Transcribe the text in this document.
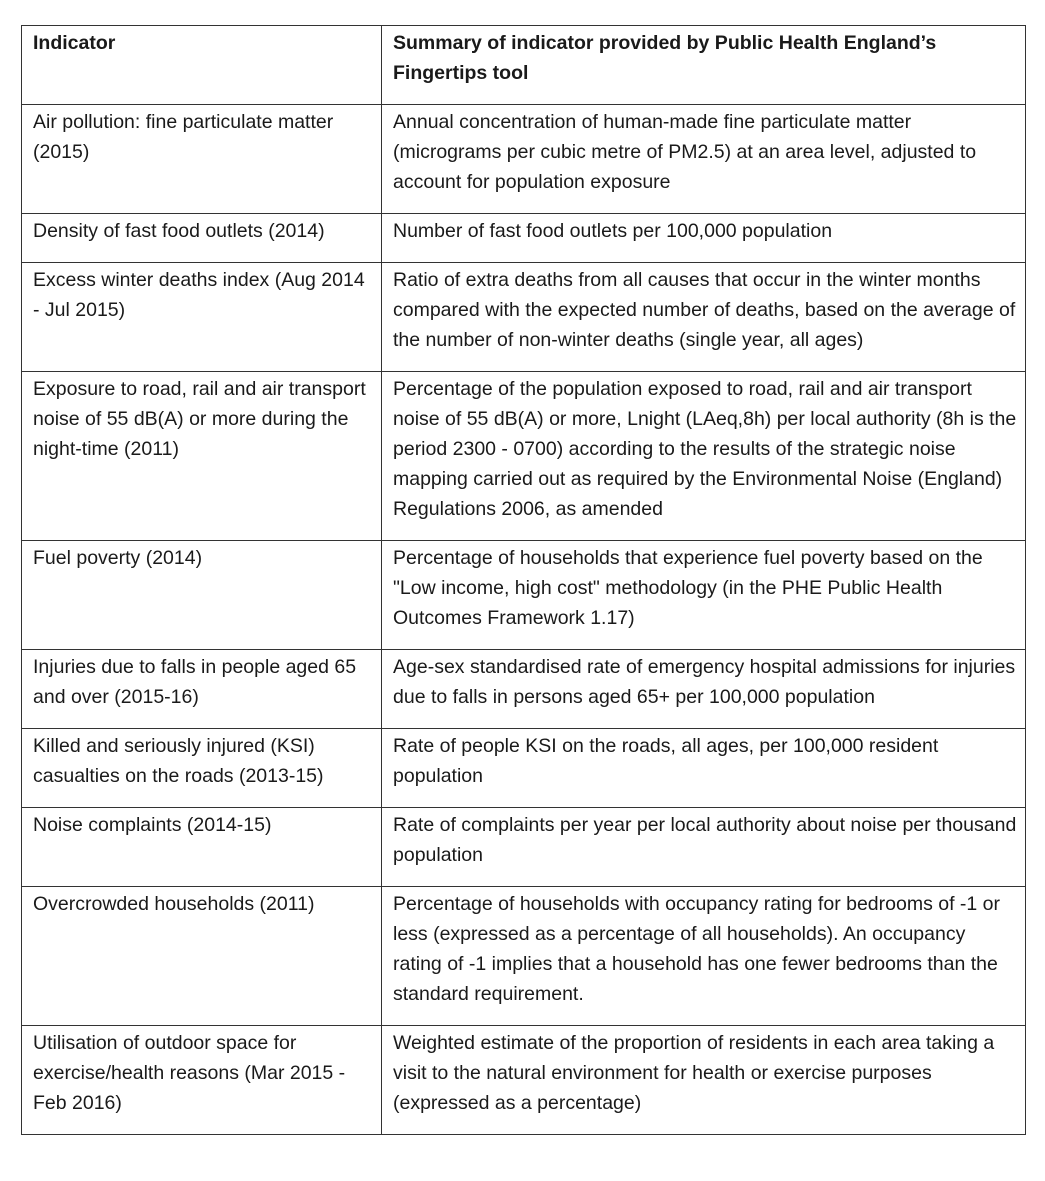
Indicator	Summary of indicator provided by Public Health England’s Fingertips tool
Air pollution: fine particulate matter (2015)	Annual concentration of human-made fine particulate matter (micrograms per cubic metre of PM2.5) at an area level, adjusted to account for population exposure
Density of fast food outlets (2014)	Number of fast food outlets per 100,000 population
Excess winter deaths index (Aug 2014 - Jul 2015)	Ratio of extra deaths from all causes that occur in the winter months compared with the expected number of deaths, based on the average of the number of non-winter deaths (single year, all ages)
Exposure to road, rail and air transport noise of 55 dB(A) or more during the night-time (2011)	Percentage of the population exposed to road, rail and air transport noise of 55 dB(A) or more, Lnight (LAeq,8h) per local authority (8h is the period 2300 - 0700) according to the results of the strategic noise mapping carried out as required by the Environmental Noise (England) Regulations 2006, as amended
Fuel poverty (2014)	Percentage of households that experience fuel poverty based on the "Low income, high cost" methodology (in the PHE Public Health Outcomes Framework 1.17)
Injuries due to falls in people aged 65 and over (2015-16)	Age-sex standardised rate of emergency hospital admissions for injuries due to falls in persons aged 65+ per 100,000 population
Killed and seriously injured (KSI) casualties on the roads (2013-15)	Rate of people KSI on the roads, all ages, per 100,000 resident population
Noise complaints (2014-15)	Rate of complaints per year per local authority about noise per thousand population
Overcrowded households (2011)	Percentage of households with occupancy rating for bedrooms of -1 or less (expressed as a percentage of all households). An occupancy rating of -1 implies that a household has one fewer bedrooms than the standard requirement.
Utilisation of outdoor space for exercise/health reasons (Mar 2015 - Feb 2016)	Weighted estimate of the proportion of residents in each area taking a visit to the natural environment for health or exercise purposes (expressed as a percentage)
